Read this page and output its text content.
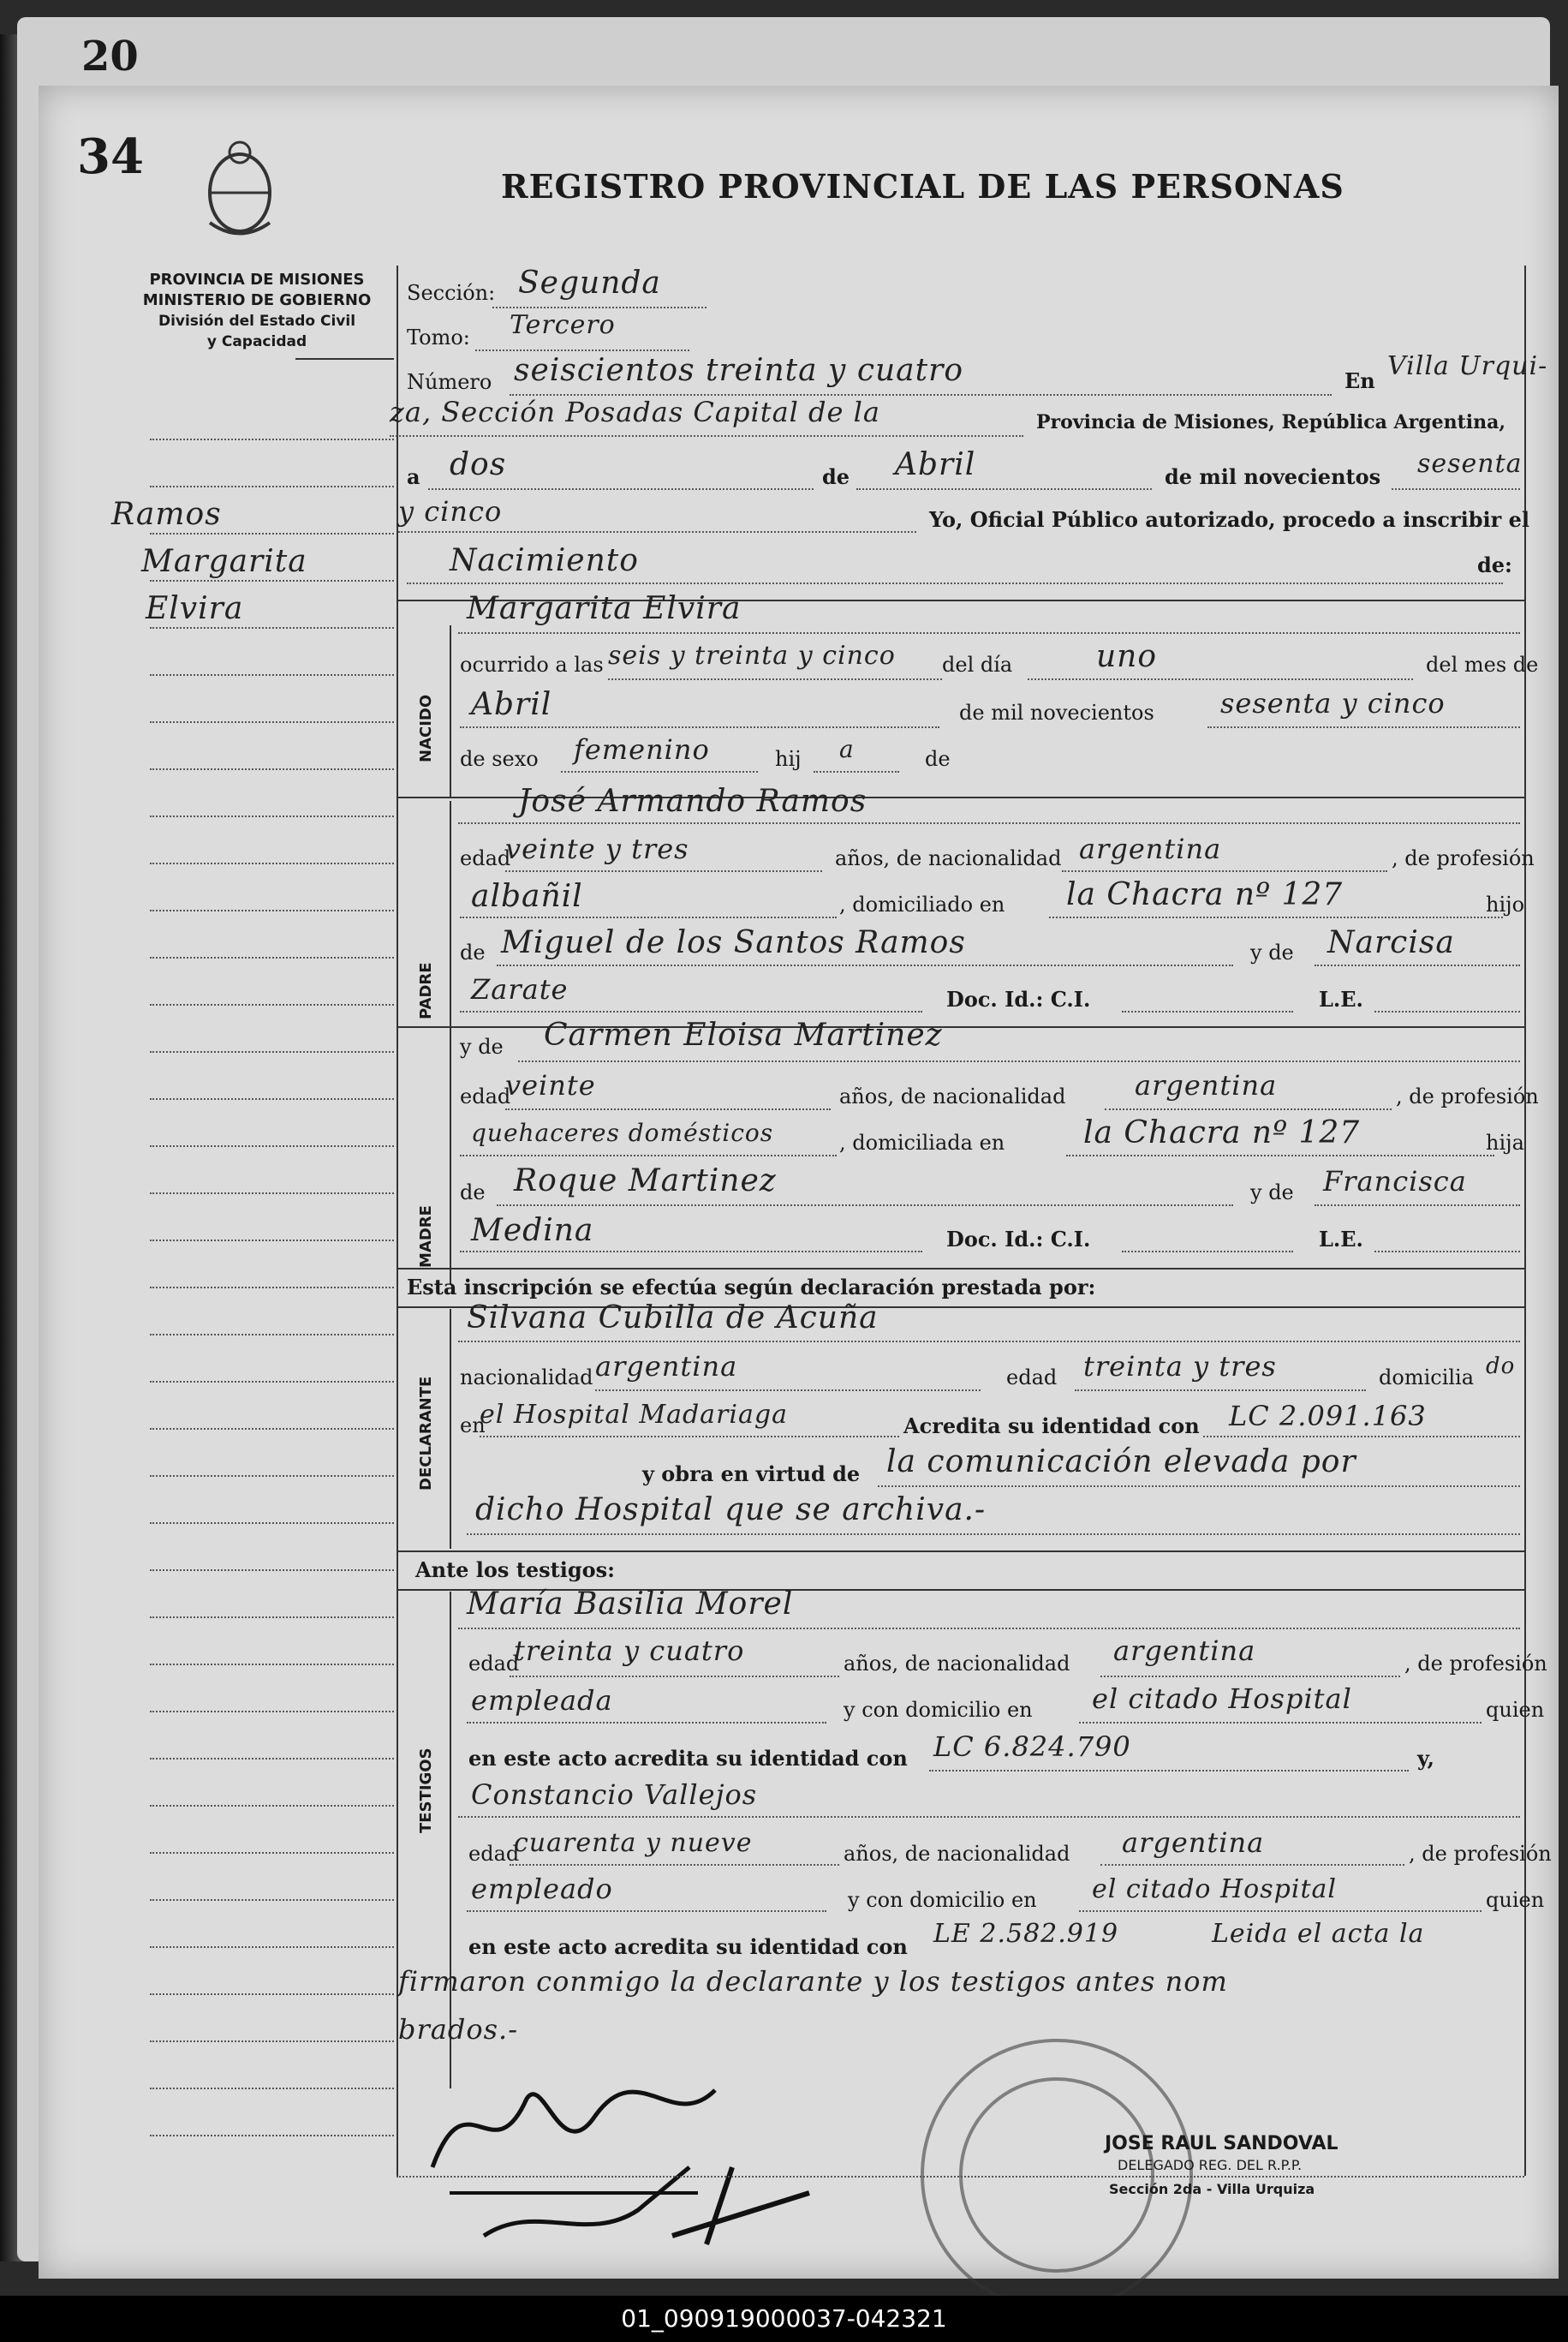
20
34
REGISTRO PROVINCIAL DE LAS PERSONAS
PROVINCIA DE MISIONES
MINISTERIO DE GOBIERNO
División del Estado Civil
y Capacidad
Ramos
Margarita
Elvira
Sección: Segunda
Tomo: Tercero
Número seiscientos treinta y cuatro	En Villa Urqui-
za, Sección Posadas Capital de la	Provincia de Misiones, República Argentina,
a dos	de Abril	de mil novecientos sesenta
y cinco	Yo, Oficial Público autorizado, procedo a inscribir el
Nacimiento	de:
NACIDO
Margarita Elvira
ocurrido a las seis y treinta y cinco del día	uno	del mes de
Abril	de mil novecientos sesenta y cinco
de sexo femenino	hij a	de
PADRE
José Armando Ramos
edad
veinte y tres	años, de nacionalidad argentina	, de profesión
albañil	, domiciliado en la Chacra nº 127	hijo
de Miguel de los Santos Ramos	y de Narcisa
Zarate	Doc. Id.: C.I.	L.E.
MADRE
y de Carmen Eloisa Martinez
edad
veinte	años, de nacionalidad	argentina	, de profesión
quehaceres domésticos	, domiciliada en	la Chacra nº 127	hija
de Roque Martinez	y de Francisca
Medina	Doc. Id.: C.I.	L.E.
Esta inscripción se efectúa según declaración prestada por:
DECLARANTE
Silvana Cubilla de Acuña
nacionalidad argentina	edad treinta y tres	domicilia do
en
el Hospital Madariaga	Acredita su identidad con LC 2.091.163
y obra en virtud de la comunicación elevada por
dicho Hospital que se archiva.-
Ante los testigos:
TESTIGOS
María Basilia Morel
edad
treinta y cuatro	años, de nacionalidad argentina	, de profesión
empleada	y con domicilio en el citado Hospital	quien
en este acto acredita su identidad con LC 6.824.790	y,
Constancio Vallejos
edad
cuarenta y nueve	años, de nacionalidad argentina	, de profesión
empleado	y con domicilio en el citado Hospital	quien
en este acto acredita su identidad con LE 2.582.919	Leida el acta la
firmaron conmigo la declarante y los testigos antes nom
brados.-
JOSE RAUL SANDOVAL
DELEGADO REG. DEL R.P.P.
Sección 2da - Villa Urquiza
01_090919000037-042321
